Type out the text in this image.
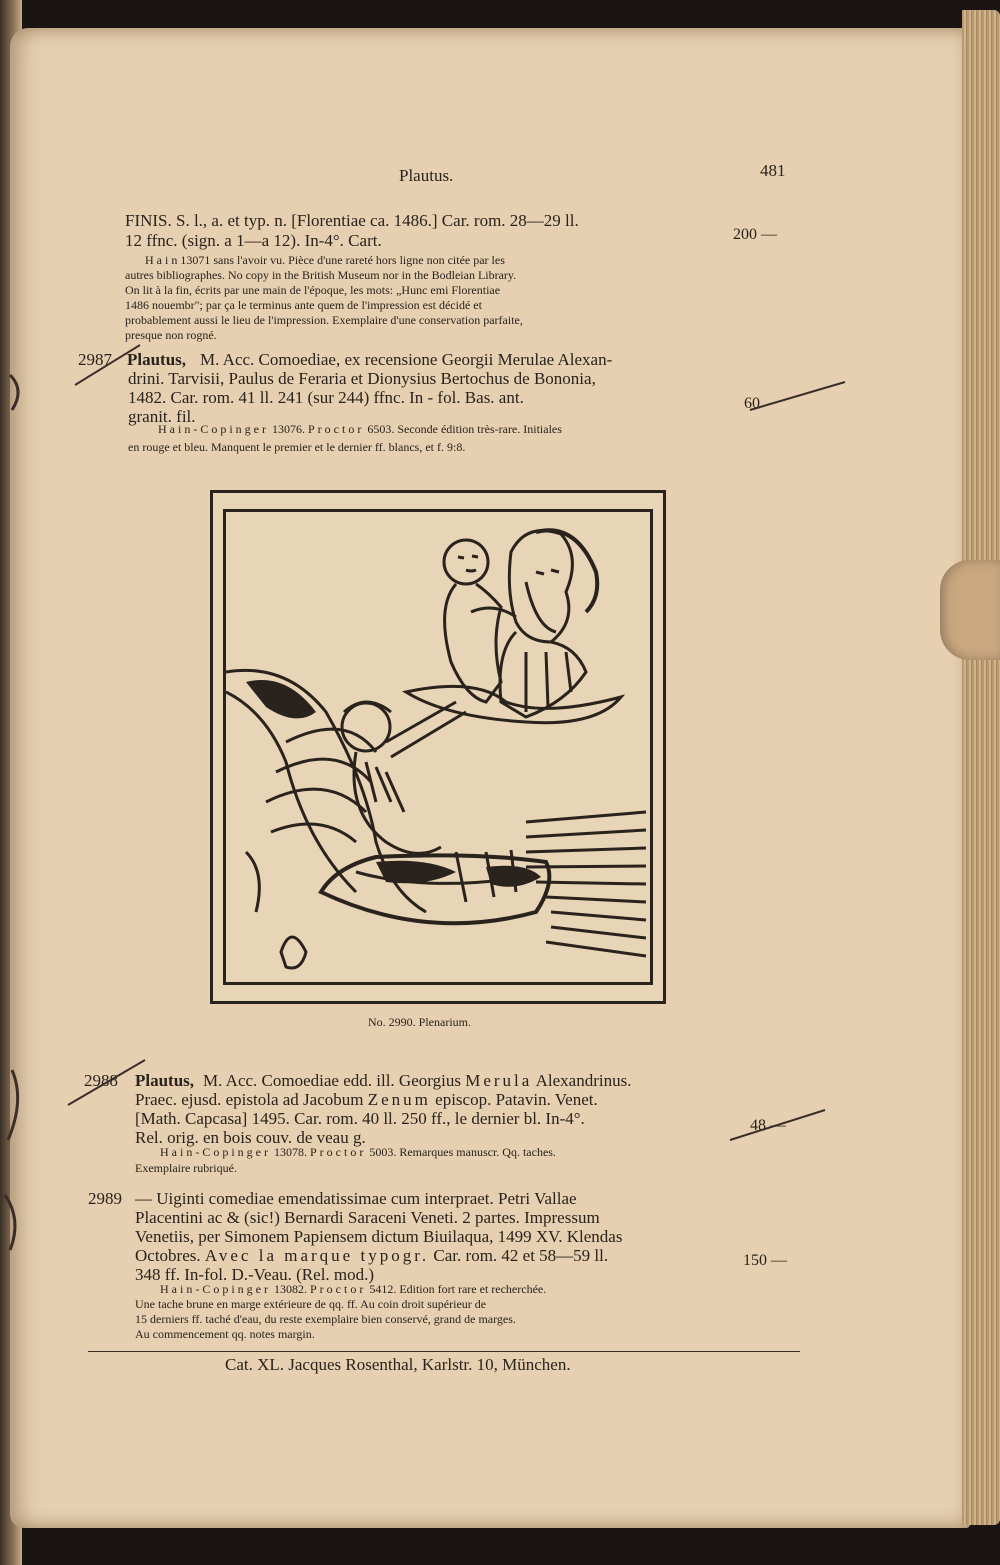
Plautus.	481
FINIS. S. l., a. et typ. n. [Florentiae ca. 1486.] Car. rom. 28—29 ll.
12 ffnc. (sign. a 1—a 12). In-4°. Cart.
H a i n 13071 sans l'avoir vu. Pièce d'une rareté hors ligne non citée par les
autres bibliographes. No copy in the British Museum nor in the Bodleian Library.
On lit à la fin, écrits par une main de l'époque, les mots: „Hunc emi Florentiae
1486 nouembr"; par ça le terminus ante quem de l'impression est décidé et
probablement aussi le lieu de l'impression. Exemplaire d'une conservation parfaite,
presque non rogné.
200 —
2987 Plautus, M. Acc. Comoediae, ex recensione Georgii Merulae Alexan-
drini. Tarvisii, Paulus de Feraria et Dionysius Bertochus de Bononia,
1482. Car. rom. 41 ll. 241 (sur 244) ffnc. In - fol. Bas. ant.
granit. fil.
Hain-Copinger 13076. Proctor 6503. Seconde édition très-rare. Initiales
en rouge et bleu. Manquent le premier et le dernier ff. blancs, et f. 9:8.
60
No. 2990. Plenarium.
2988 Plautus, M. Acc. Comoediae edd. ill. Georgius Merula Alexandrinus.
Praec. ejusd. epistola ad Jacobum Zenum episcop. Patavin. Venet.
[Math. Capcasa] 1495. Car. rom. 40 ll. 250 ff., le dernier bl. In-4°.
Rel. orig. en bois couv. de veau g.
Hain-Copinger 13078. Proctor 5003. Remarques manuscr. Qq. taches.
Exemplaire rubriqué.
48 —
2989 — Uiginti comediae emendatissimae cum interpraet. Petri Vallae
Placentini ac & (sic!) Bernardi Saraceni Veneti. 2 partes. Impressum
Venetiis, per Simonem Papiensem dictum Biuilaqua, 1499 XV. Klendas
Octobres. Avec la marque typogr. Car. rom. 42 et 58—59 ll.
348 ff. In-fol. D.-Veau. (Rel. mod.)
Hain-Copinger 13082. Proctor 5412. Edition fort rare et recherchée.
Une tache brune en marge extérieure de qq. ff. Au coin droit supérieur de
15 derniers ff. taché d'eau, du reste exemplaire bien conservé, grand de marges.
Au commencement qq. notes margin.
150 —
Cat. XL. Jacques Rosenthal, Karlstr. 10, München.
